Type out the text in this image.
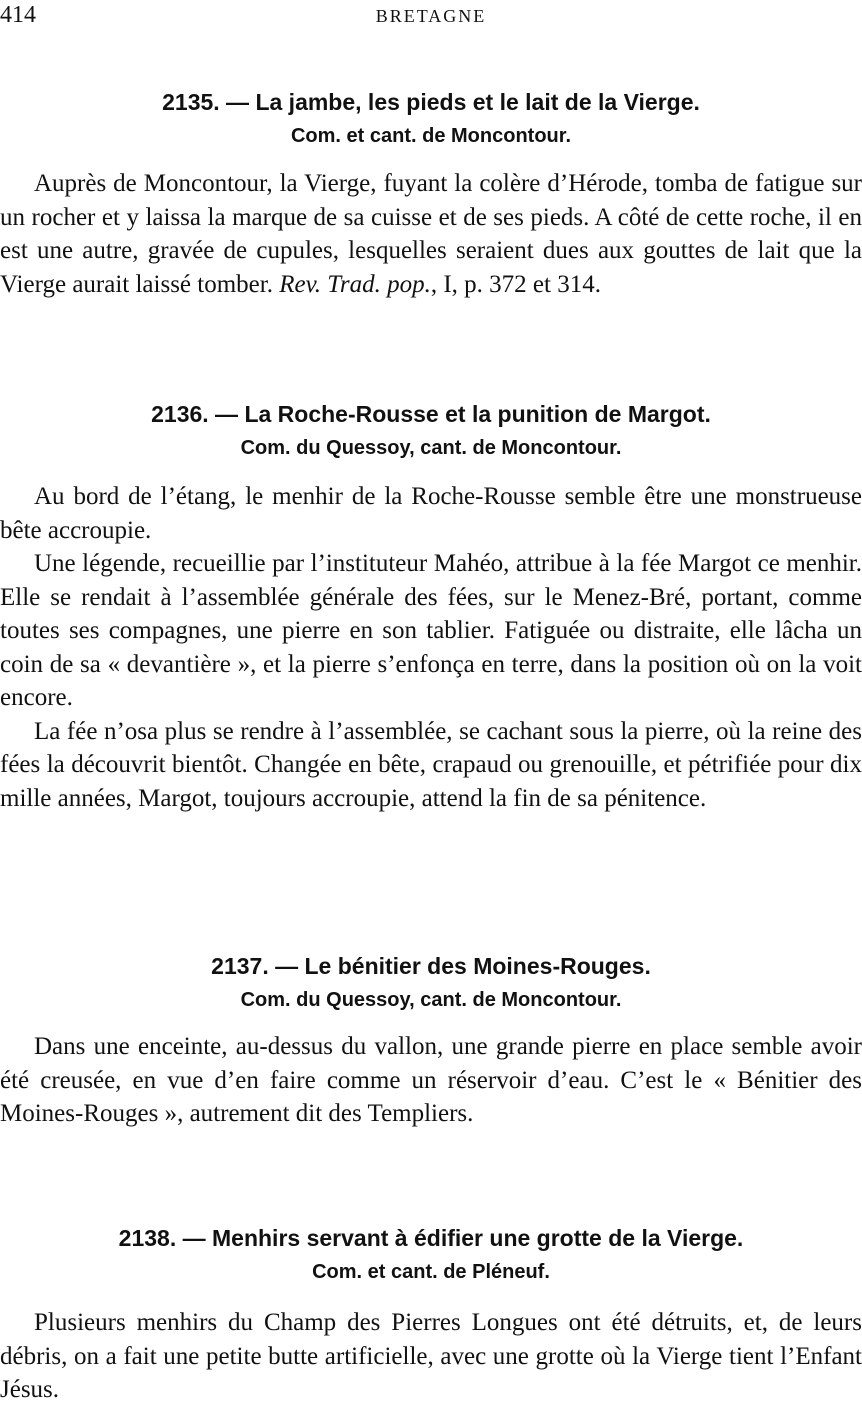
414	BRETAGNE
2135. — La jambe, les pieds et le lait de la Vierge.
Com. et cant. de Moncontour.

Auprès de Moncontour, la Vierge, fuyant la colère d’Hérode, tomba de fatigue sur un rocher et y laissa la marque de sa cuisse et de ses pieds. A côté de cette roche, il en est une autre, gravée de cupules, lesquelles seraient dues aux gouttes de lait que la Vierge aurait laissé tomber. Rev. Trad. pop., I, p. 372 et 314.

2136. — La Roche-Rousse et la punition de Margot.
Com. du Quessoy, cant. de Moncontour.

Au bord de l’étang, le menhir de la Roche-Rousse semble être une monstrueuse bête accroupie.

Une légende, recueillie par l’instituteur Mahéo, attribue à la fée Margot ce menhir. Elle se rendait à l’assemblée générale des fées, sur le Menez-Bré, portant, comme toutes ses compagnes, une pierre en son tablier. Fatiguée ou distraite, elle lâcha un coin de sa « devantière », et la pierre s’enfonça en terre, dans la position où on la voit encore.

La fée n’osa plus se rendre à l’assemblée, se cachant sous la pierre, où la reine des fées la découvrit bientôt. Changée en bête, crapaud ou grenouille, et pétrifiée pour dix mille années, Margot, toujours accroupie, attend la fin de sa pénitence.

2137. — Le bénitier des Moines-Rouges.
Com. du Quessoy, cant. de Moncontour.

Dans une enceinte, au-dessus du vallon, une grande pierre en place semble avoir été creusée, en vue d’en faire comme un réservoir d’eau. C’est le « Bénitier des Moines-Rouges », autrement dit des Templiers.

2138. — Menhirs servant à édifier une grotte de la Vierge.
Com. et cant. de Pléneuf.

Plusieurs menhirs du Champ des Pierres Longues ont été détruits, et, de leurs débris, on a fait une petite butte artificielle, avec une grotte où la Vierge tient l’Enfant Jésus.
